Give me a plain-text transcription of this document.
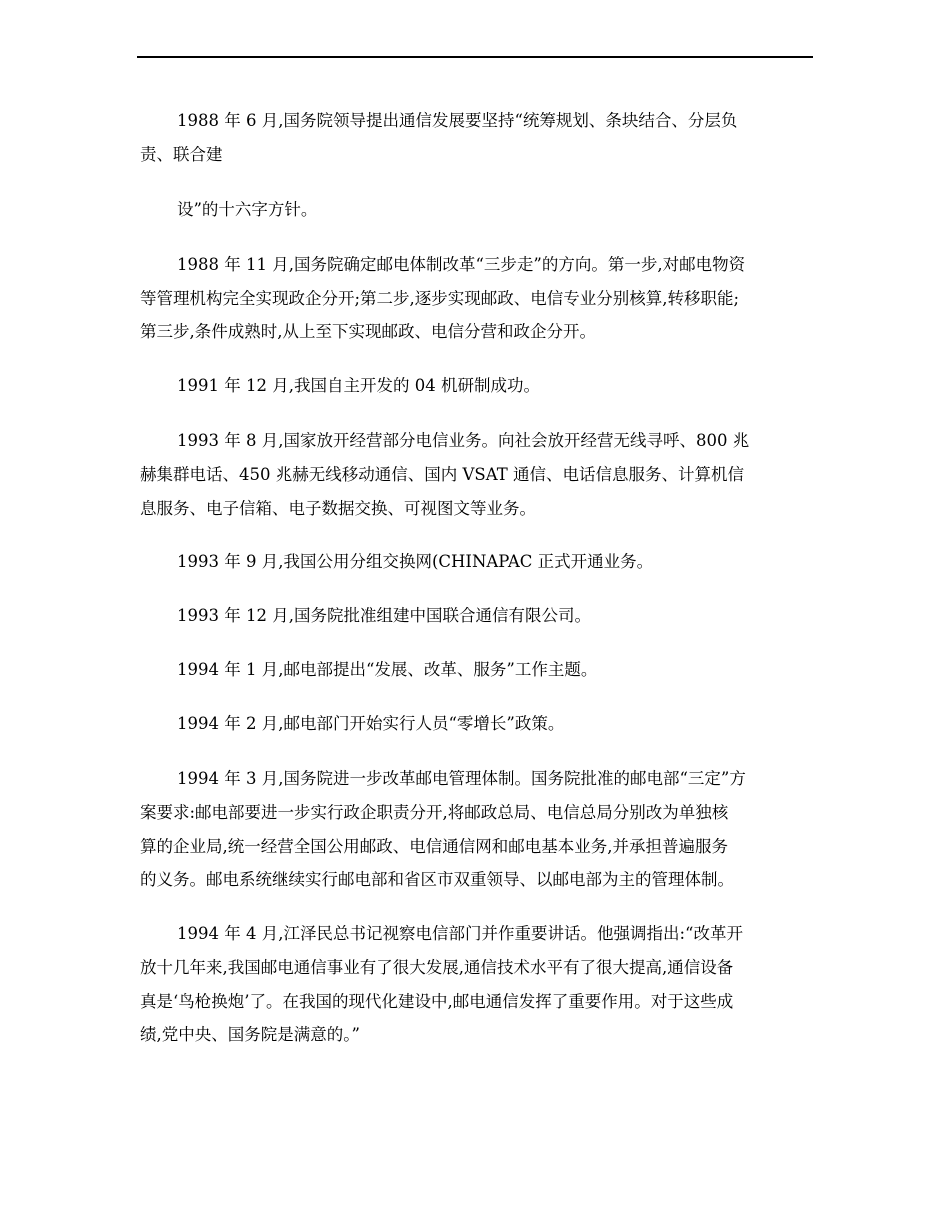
1988 年 6 月,国务院领导提出通信发展要坚持“统筹规划、条块结合、分层负
责、联合建
设”的十六字方针。
1988 年 11 月,国务院确定邮电体制改革“三步走”的方向。第一步,对邮电物资
等管理机构完全实现政企分开;第二步,逐步实现邮政、电信专业分别核算,转移职能;
第三步,条件成熟时,从上至下实现邮政、电信分营和政企分开。
1991 年 12 月,我国自主开发的 04 机研制成功。
1993 年 8 月,国家放开经营部分电信业务。向社会放开经营无线寻呼、800 兆
赫集群电话、450 兆赫无线移动通信、国内 VSAT 通信、电话信息服务、计算机信
息服务、电子信箱、电子数据交换、可视图文等业务。
1993 年 9 月,我国公用分组交换网(CHINAPAC 正式开通业务。
1993 年 12 月,国务院批准组建中国联合通信有限公司。
1994 年 1 月,邮电部提出“发展、改革、服务”工作主题。
1994 年 2 月,邮电部门开始实行人员“零增长”政策。
1994 年 3 月,国务院进一步改革邮电管理体制。国务院批准的邮电部“三定”方
案要求:邮电部要进一步实行政企职责分开,将邮政总局、电信总局分别改为单独核
算的企业局,统一经营全国公用邮政、电信通信网和邮电基本业务,并承担普遍服务
的义务。邮电系统继续实行邮电部和省区市双重领导、以邮电部为主的管理体制。
1994 年 4 月,江泽民总书记视察电信部门并作重要讲话。他强调指出:“改革开
放十几年来,我国邮电通信事业有了很大发展,通信技术水平有了很大提高,通信设备
真是‘鸟枪换炮’了。在我国的现代化建设中,邮电通信发挥了重要作用。对于这些成
绩,党中央、国务院是满意的。”
